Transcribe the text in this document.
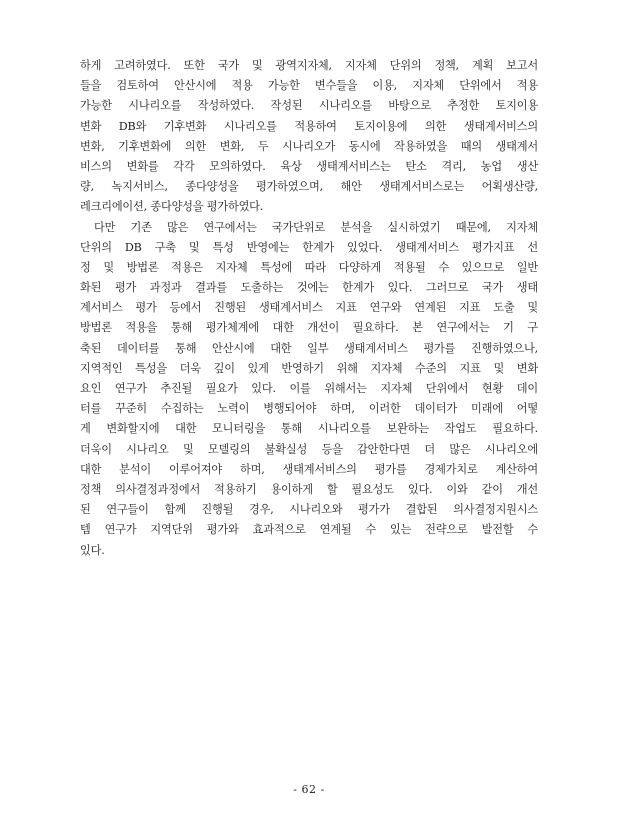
하게 고려하였다. 또한 국가 및 광역지자체, 지자체 단위의 정책, 계획 보고서
들을 검토하여 안산시에 적용 가능한 변수들을 이용, 지자체 단위에서 적용
가능한 시나리오를 작성하였다. 작성된 시나리오를 바탕으로 추정한 토지이용
변화 DB와 기후변화 시나리오를 적용하여 토지이용에 의한 생태계서비스의
변화, 기후변화에 의한 변화, 두 시나리오가 동시에 작용하였을 때의 생태계서
비스의 변화를 각각 모의하였다. 육상 생태계서비스는 탄소 격리, 농업 생산
량, 녹지서비스, 종다양성을 평가하였으며, 해안 생태계서비스로는 어획생산량,
레크리에이션, 종다양성을 평가하였다.
다만 기존 많은 연구에서는 국가단위로 분석을 실시하였기 때문에, 지자체
단위의 DB 구축 및 특성 반영에는 한계가 있었다. 생태계서비스 평가지표 선
정 및 방법론 적용은 지자체 특성에 따라 다양하게 적용될 수 있으므로 일반
화된 평가 과정과 결과를 도출하는 것에는 한계가 있다. 그러므로 국가 생태
계서비스 평가 등에서 진행된 생태계서비스 지표 연구와 연계된 지표 도출 및
방법론 적용을 통해 평가체계에 대한 개선이 필요하다. 본 연구에서는 기 구
축된 데이터를 통해 안산시에 대한 일부 생태계서비스 평가를 진행하였으나,
지역적인 특성을 더욱 깊이 있게 반영하기 위해 지자체 수준의 지표 및 변화
요인 연구가 추진될 필요가 있다. 이를 위해서는 지자체 단위에서 현황 데이
터를 꾸준히 수집하는 노력이 병행되어야 하며, 이러한 데이터가 미래에 어떻
게 변화할지에 대한 모니터링을 통해 시나리오를 보완하는 작업도 필요하다.
더욱이 시나리오 및 모델링의 불확실성 등을 감안한다면 더 많은 시나리오에
대한 분석이 이루어져야 하며, 생태계서비스의 평가를 경제가치로 계산하여
정책 의사결정과정에서 적용하기 용이하게 할 필요성도 있다. 이와 같이 개선
된 연구들이 함께 진행될 경우, 시나리오와 평가가 결합된 의사결정지원시스
템 연구가 지역단위 평가와 효과적으로 연계될 수 있는 전략으로 발전할 수
있다.
- 62 -
